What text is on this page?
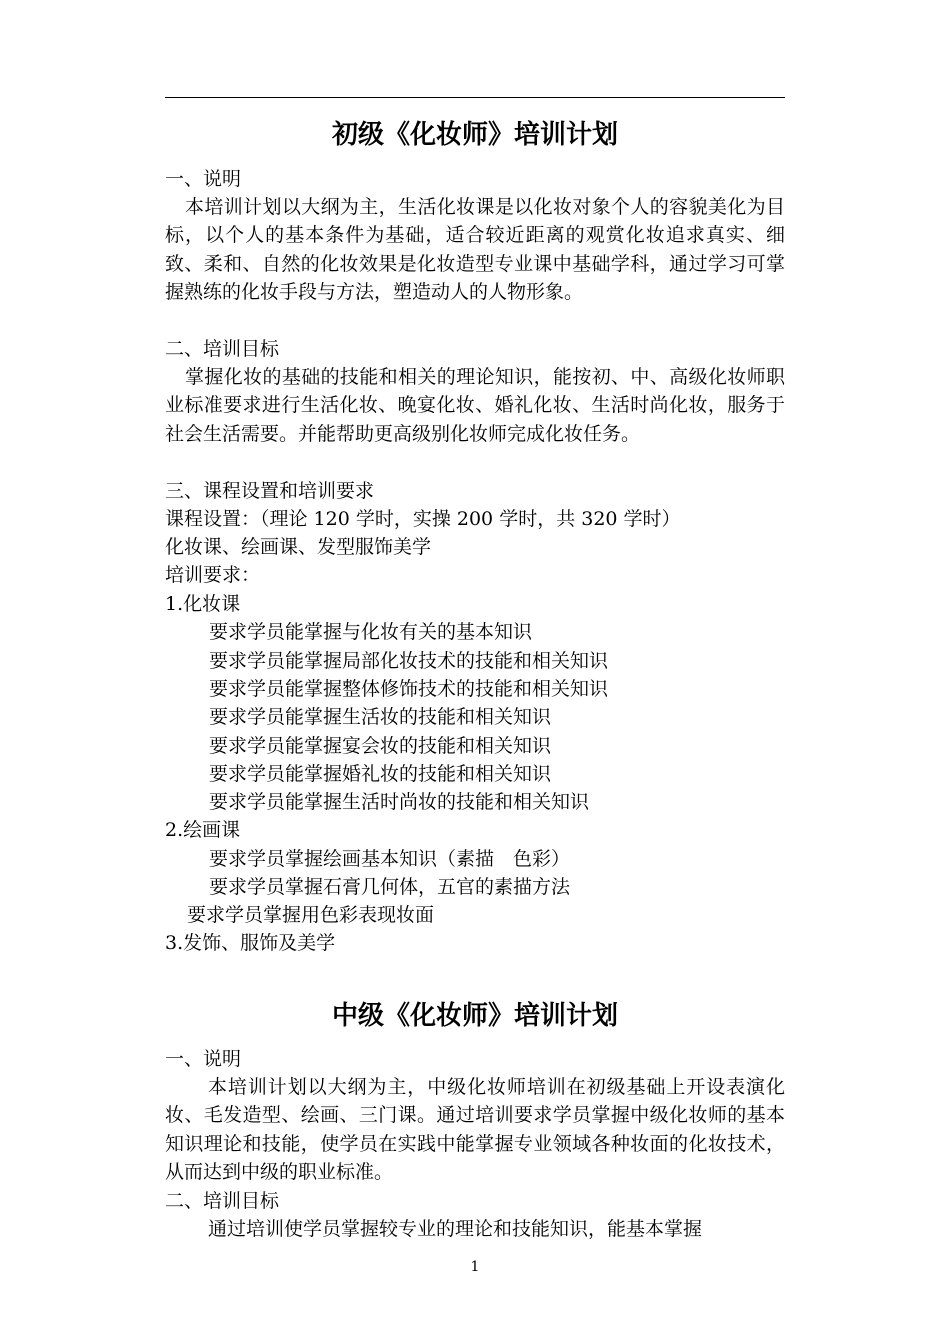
初级《化妆师》培训计划
一、说明
本培训计划以大纲为主，生活化妆课是以化妆对象个人的容貌美化为目标，以个人的基本条件为基础，适合较近距离的观赏化妆追求真实、细致、柔和、自然的化妆效果是化妆造型专业课中基础学科，通过学习可掌握熟练的化妆手段与方法，塑造动人的人物形象。
二、培训目标
掌握化妆的基础的技能和相关的理论知识，能按初、中、高级化妆师职业标准要求进行生活化妆、晚宴化妆、婚礼化妆、生活时尚化妆，服务于社会生活需要。并能帮助更高级别化妆师完成化妆任务。
三、课程设置和培训要求
课程设置：（理论 120 学时，实操 200 学时，共 320 学时）
化妆课、绘画课、发型服饰美学
培训要求：
1.化妆课
要求学员能掌握与化妆有关的基本知识
要求学员能掌握局部化妆技术的技能和相关知识
要求学员能掌握整体修饰技术的技能和相关知识
要求学员能掌握生活妆的技能和相关知识
要求学员能掌握宴会妆的技能和相关知识
要求学员能掌握婚礼妆的技能和相关知识
要求学员能掌握生活时尚妆的技能和相关知识
2.绘画课
要求学员掌握绘画基本知识（素描　色彩）
要求学员掌握石膏几何体，五官的素描方法
要求学员掌握用色彩表现妆面
3.发饰、服饰及美学
中级《化妆师》培训计划
一、说明
本培训计划以大纲为主，中级化妆师培训在初级基础上开设表演化妆、毛发造型、绘画、三门课。通过培训要求学员掌握中级化妆师的基本知识理论和技能，使学员在实践中能掌握专业领域各种妆面的化妆技术，从而达到中级的职业标准。
二、培训目标
通过培训使学员掌握较专业的理论和技能知识，能基本掌握
1
